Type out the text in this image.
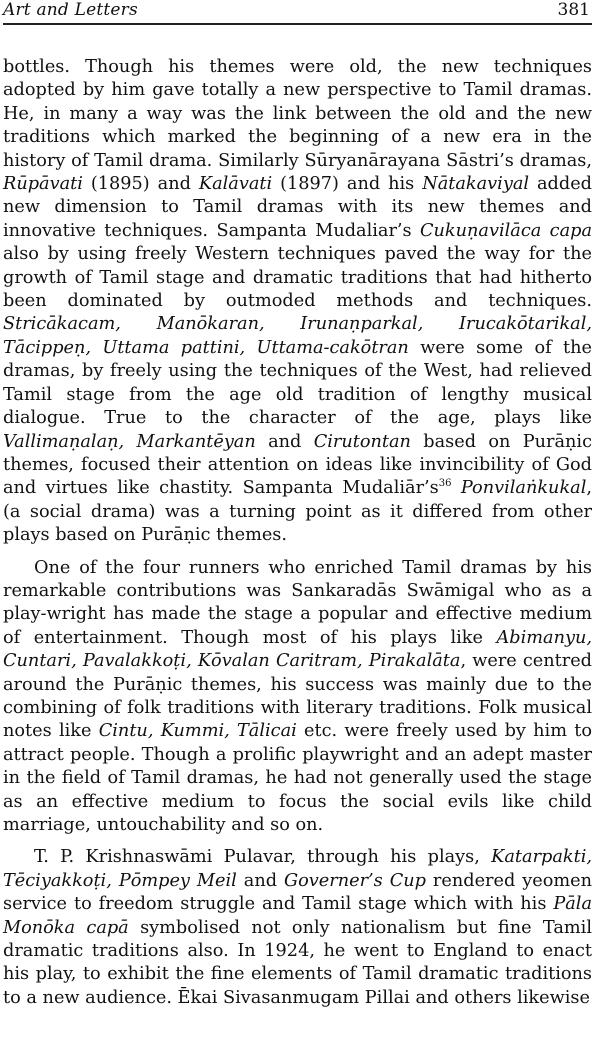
Art and Letters	381

bottles. Though his themes were old, the new techniques adopted by him gave totally a new perspective to Tamil dramas. He, in many a way was the link between the old and the new traditions which marked the beginning of a new era in the history of Tamil drama. Similarly Sūryanārayana Sāstri’s dramas, Rūpāvati (1895) and Kalāvati (1897) and his Nātakaviyal added new dimension to Tamil dramas with its new themes and innovative techniques. Sampanta Mudaliar’s Cukuṇavilāca capa also by using freely Western techniques paved the way for the growth of Tamil stage and dramatic traditions that had hitherto been dominated by outmoded methods and techniques. Stricākacam, Manōkaran, Irunaṇparkal, Irucakōtarikal, Tācippeṇ, Uttama pattini, Uttama-cakōtran were some of the dramas, by freely using the techniques of the West, had relieved Tamil stage from the age old tradition of lengthy musical dialogue. True to the character of the age, plays like Vallimaṇalaṇ, Markantēyan and Cirutontan based on Purāṇic themes, focused their attention on ideas like invincibility of God and virtues like chastity. Sampanta $Mudaliār’s^{36}$ Ponvilaṅkukal, (a social drama) was a turning point as it differed from other plays based on Purāṇic themes.

One of the four runners who enriched Tamil dramas by his remarkable contributions was Sankaradās Swāmigal who as a play-wright has made the stage a popular and effective medium of entertainment. Though most of his plays like Abimanyu, Cuntari, Pavalakkoṭi, Kōvalan Caritram, Pirakalāta, were centred around the Purāṇic themes, his success was mainly due to the combining of folk traditions with literary traditions. Folk musical notes like Cintu, Kummi, Tālicai etc. were freely used by him to attract people. Though a prolific playwright and an adept master in the field of Tamil dramas, he had not generally used the stage as an effective medium to focus the social evils like child marriage, untouchability and so on.

T. P. Krishnaswāmi Pulavar, through his plays, Katarpakti, Tēciyakkoṭi, Pōmpey Meil and Governer’s Cup rendered yeomen service to freedom struggle and Tamil stage which with his Pāla Monōka capā symbolised not only nationalism but fine Tamil dramatic traditions also. In 1924, he went to England to enact his play, to exhibit the fine elements of Tamil dramatic traditions to a new audience. Ēkai Sivasanmugam Pillai and others likewise
